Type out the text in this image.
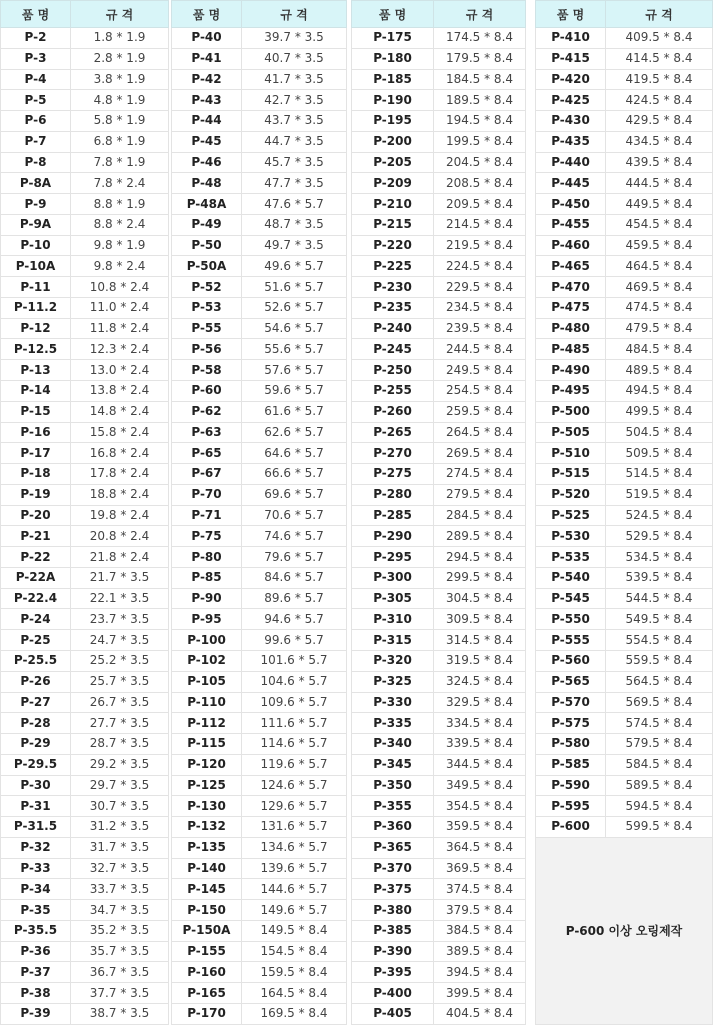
품 명	규 격
P-2	1.8 * 1.9
P-3	2.8 * 1.9
P-4	3.8 * 1.9
P-5	4.8 * 1.9
P-6	5.8 * 1.9
P-7	6.8 * 1.9
P-8	7.8 * 1.9
P-8A	7.8 * 2.4
P-9	8.8 * 1.9
P-9A	8.8 * 2.4
P-10	9.8 * 1.9
P-10A	9.8 * 2.4
P-11	10.8 * 2.4
P-11.2	11.0 * 2.4
P-12	11.8 * 2.4
P-12.5	12.3 * 2.4
P-13	13.0 * 2.4
P-14	13.8 * 2.4
P-15	14.8 * 2.4
P-16	15.8 * 2.4
P-17	16.8 * 2.4
P-18	17.8 * 2.4
P-19	18.8 * 2.4
P-20	19.8 * 2.4
P-21	20.8 * 2.4
P-22	21.8 * 2.4
P-22A	21.7 * 3.5
P-22.4	22.1 * 3.5
P-24	23.7 * 3.5
P-25	24.7 * 3.5
P-25.5	25.2 * 3.5
P-26	25.7 * 3.5
P-27	26.7 * 3.5
P-28	27.7 * 3.5
P-29	28.7 * 3.5
P-29.5	29.2 * 3.5
P-30	29.7 * 3.5
P-31	30.7 * 3.5
P-31.5	31.2 * 3.5
P-32	31.7 * 3.5
P-33	32.7 * 3.5
P-34	33.7 * 3.5
P-35	34.7 * 3.5
P-35.5	35.2 * 3.5
P-36	35.7 * 3.5
P-37	36.7 * 3.5
P-38	37.7 * 3.5
P-39	38.7 * 3.5
품 명	규 격
P-40	39.7 * 3.5
P-41	40.7 * 3.5
P-42	41.7 * 3.5
P-43	42.7 * 3.5
P-44	43.7 * 3.5
P-45	44.7 * 3.5
P-46	45.7 * 3.5
P-48	47.7 * 3.5
P-48A	47.6 * 5.7
P-49	48.7 * 3.5
P-50	49.7 * 3.5
P-50A	49.6 * 5.7
P-52	51.6 * 5.7
P-53	52.6 * 5.7
P-55	54.6 * 5.7
P-56	55.6 * 5.7
P-58	57.6 * 5.7
P-60	59.6 * 5.7
P-62	61.6 * 5.7
P-63	62.6 * 5.7
P-65	64.6 * 5.7
P-67	66.6 * 5.7
P-70	69.6 * 5.7
P-71	70.6 * 5.7
P-75	74.6 * 5.7
P-80	79.6 * 5.7
P-85	84.6 * 5.7
P-90	89.6 * 5.7
P-95	94.6 * 5.7
P-100	99.6 * 5.7
P-102	101.6 * 5.7
P-105	104.6 * 5.7
P-110	109.6 * 5.7
P-112	111.6 * 5.7
P-115	114.6 * 5.7
P-120	119.6 * 5.7
P-125	124.6 * 5.7
P-130	129.6 * 5.7
P-132	131.6 * 5.7
P-135	134.6 * 5.7
P-140	139.6 * 5.7
P-145	144.6 * 5.7
P-150	149.6 * 5.7
P-150A	149.5 * 8.4
P-155	154.5 * 8.4
P-160	159.5 * 8.4
P-165	164.5 * 8.4
P-170	169.5 * 8.4
품 명	규 격
P-175	174.5 * 8.4
P-180	179.5 * 8.4
P-185	184.5 * 8.4
P-190	189.5 * 8.4
P-195	194.5 * 8.4
P-200	199.5 * 8.4
P-205	204.5 * 8.4
P-209	208.5 * 8.4
P-210	209.5 * 8.4
P-215	214.5 * 8.4
P-220	219.5 * 8.4
P-225	224.5 * 8.4
P-230	229.5 * 8.4
P-235	234.5 * 8.4
P-240	239.5 * 8.4
P-245	244.5 * 8.4
P-250	249.5 * 8.4
P-255	254.5 * 8.4
P-260	259.5 * 8.4
P-265	264.5 * 8.4
P-270	269.5 * 8.4
P-275	274.5 * 8.4
P-280	279.5 * 8.4
P-285	284.5 * 8.4
P-290	289.5 * 8.4
P-295	294.5 * 8.4
P-300	299.5 * 8.4
P-305	304.5 * 8.4
P-310	309.5 * 8.4
P-315	314.5 * 8.4
P-320	319.5 * 8.4
P-325	324.5 * 8.4
P-330	329.5 * 8.4
P-335	334.5 * 8.4
P-340	339.5 * 8.4
P-345	344.5 * 8.4
P-350	349.5 * 8.4
P-355	354.5 * 8.4
P-360	359.5 * 8.4
P-365	364.5 * 8.4
P-370	369.5 * 8.4
P-375	374.5 * 8.4
P-380	379.5 * 8.4
P-385	384.5 * 8.4
P-390	389.5 * 8.4
P-395	394.5 * 8.4
P-400	399.5 * 8.4
P-405	404.5 * 8.4
품 명	규 격
P-410	409.5 * 8.4
P-415	414.5 * 8.4
P-420	419.5 * 8.4
P-425	424.5 * 8.4
P-430	429.5 * 8.4
P-435	434.5 * 8.4
P-440	439.5 * 8.4
P-445	444.5 * 8.4
P-450	449.5 * 8.4
P-455	454.5 * 8.4
P-460	459.5 * 8.4
P-465	464.5 * 8.4
P-470	469.5 * 8.4
P-475	474.5 * 8.4
P-480	479.5 * 8.4
P-485	484.5 * 8.4
P-490	489.5 * 8.4
P-495	494.5 * 8.4
P-500	499.5 * 8.4
P-505	504.5 * 8.4
P-510	509.5 * 8.4
P-515	514.5 * 8.4
P-520	519.5 * 8.4
P-525	524.5 * 8.4
P-530	529.5 * 8.4
P-535	534.5 * 8.4
P-540	539.5 * 8.4
P-545	544.5 * 8.4
P-550	549.5 * 8.4
P-555	554.5 * 8.4
P-560	559.5 * 8.4
P-565	564.5 * 8.4
P-570	569.5 * 8.4
P-575	574.5 * 8.4
P-580	579.5 * 8.4
P-585	584.5 * 8.4
P-590	589.5 * 8.4
P-595	594.5 * 8.4
P-600	599.5 * 8.4
P-600 이상 오링제작	
